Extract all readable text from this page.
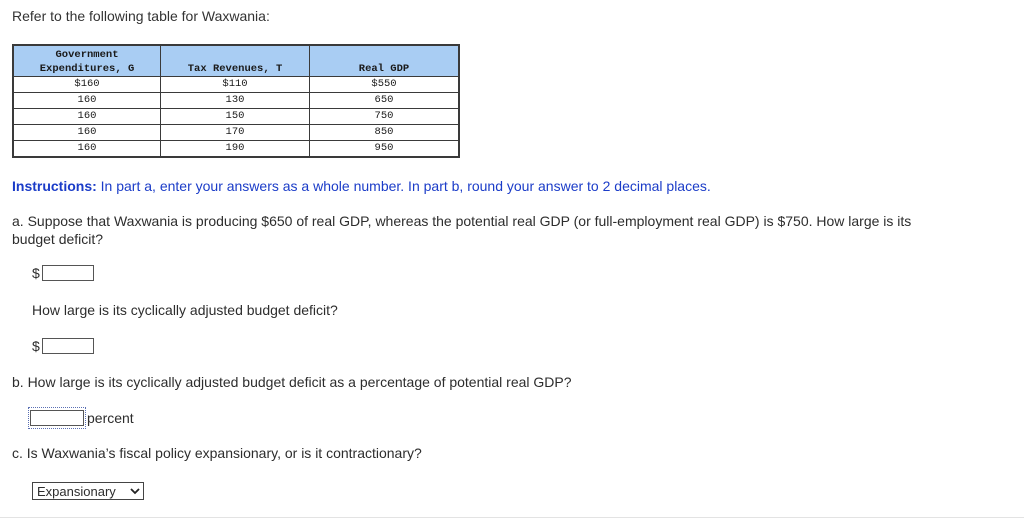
Refer to the following table for Waxwania:
Government
Expenditures, G	Tax Revenues, T	Real GDP

$160	$110	$550
160	130	650
160	150	750
160	170	850
160	190	950
Instructions: In part a, enter your answers as a whole number. In part b, round your answer to 2 decimal places.
a. Suppose that Waxwania is producing $650 of real GDP, whereas the potential real GDP (or full-employment real GDP) is $750. How large is its budget deficit?
$
How large is its cyclically adjusted budget deficit?
$
b. How large is its cyclically adjusted budget deficit as a percentage of potential real GDP?
percent
c. Is Waxwania’s fiscal policy expansionary, or is it contractionary?
Expansionary
